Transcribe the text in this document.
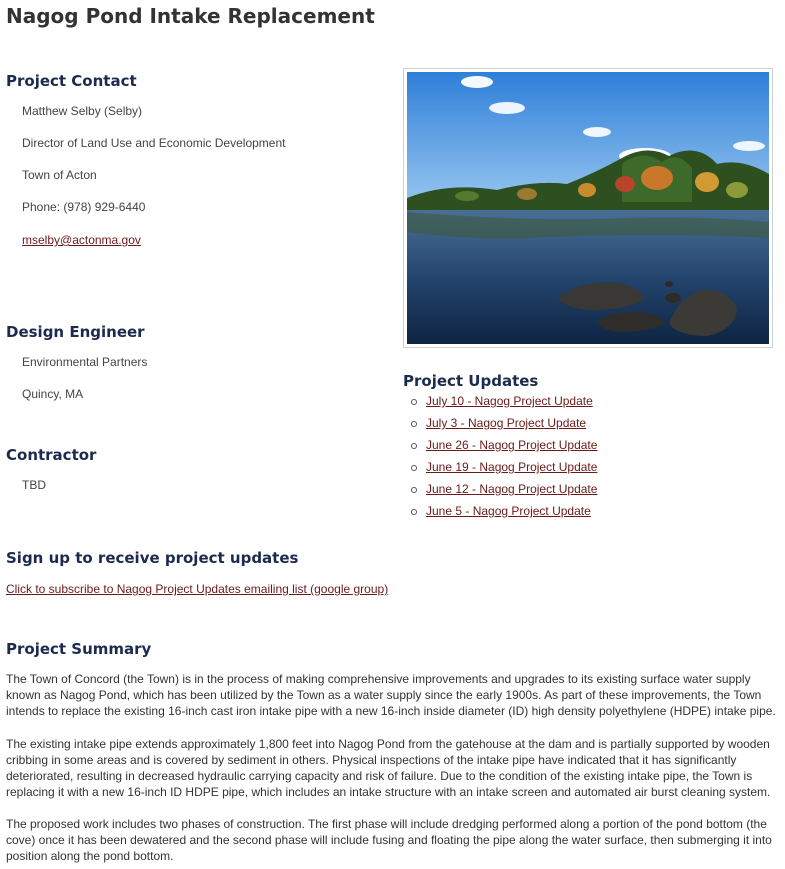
Nagog Pond Intake Replacement
Project Contact
Matthew Selby (Selby)
Director of Land Use and Economic Development
Town of Acton
Phone: (978) 929-6440
mselby@actonma.gov
Design Engineer
Environmental Partners
Quincy, MA
Contractor
TBD
Project Updates
July 10 - Nagog Project Update
July 3 - Nagog Project Update
June 26 - Nagog Project Update
June 19 - Nagog Project Update
June 12 - Nagog Project Update
June 5 - Nagog Project Update
Sign up to receive project updates
Click to subscribe to Nagog Project Updates emailing list (google group)
Project Summary

The Town of Concord (the Town) is in the process of making comprehensive improvements and upgrades to its existing surface water supply known as Nagog Pond, which has been utilized by the Town as a water supply since the early 1900s. As part of these improvements, the Town intends to replace the existing 16-inch cast iron intake pipe with a new 16-inch inside diameter (ID) high density polyethylene (HDPE) intake pipe.

The existing intake pipe extends approximately 1,800 feet into Nagog Pond from the gatehouse at the dam and is partially supported by wooden cribbing in some areas and is covered by sediment in others. Physical inspections of the intake pipe have indicated that it has significantly deteriorated, resulting in decreased hydraulic carrying capacity and risk of failure. Due to the condition of the existing intake pipe, the Town is replacing it with a new 16-inch ID HDPE pipe, which includes an intake structure with an intake screen and automated air burst cleaning system.

The proposed work includes two phases of construction. The first phase will include dredging performed along a portion of the pond bottom (the cove) once it has been dewatered and the second phase will include fusing and floating the pipe along the water surface, then submerging it into position along the pond bottom.
